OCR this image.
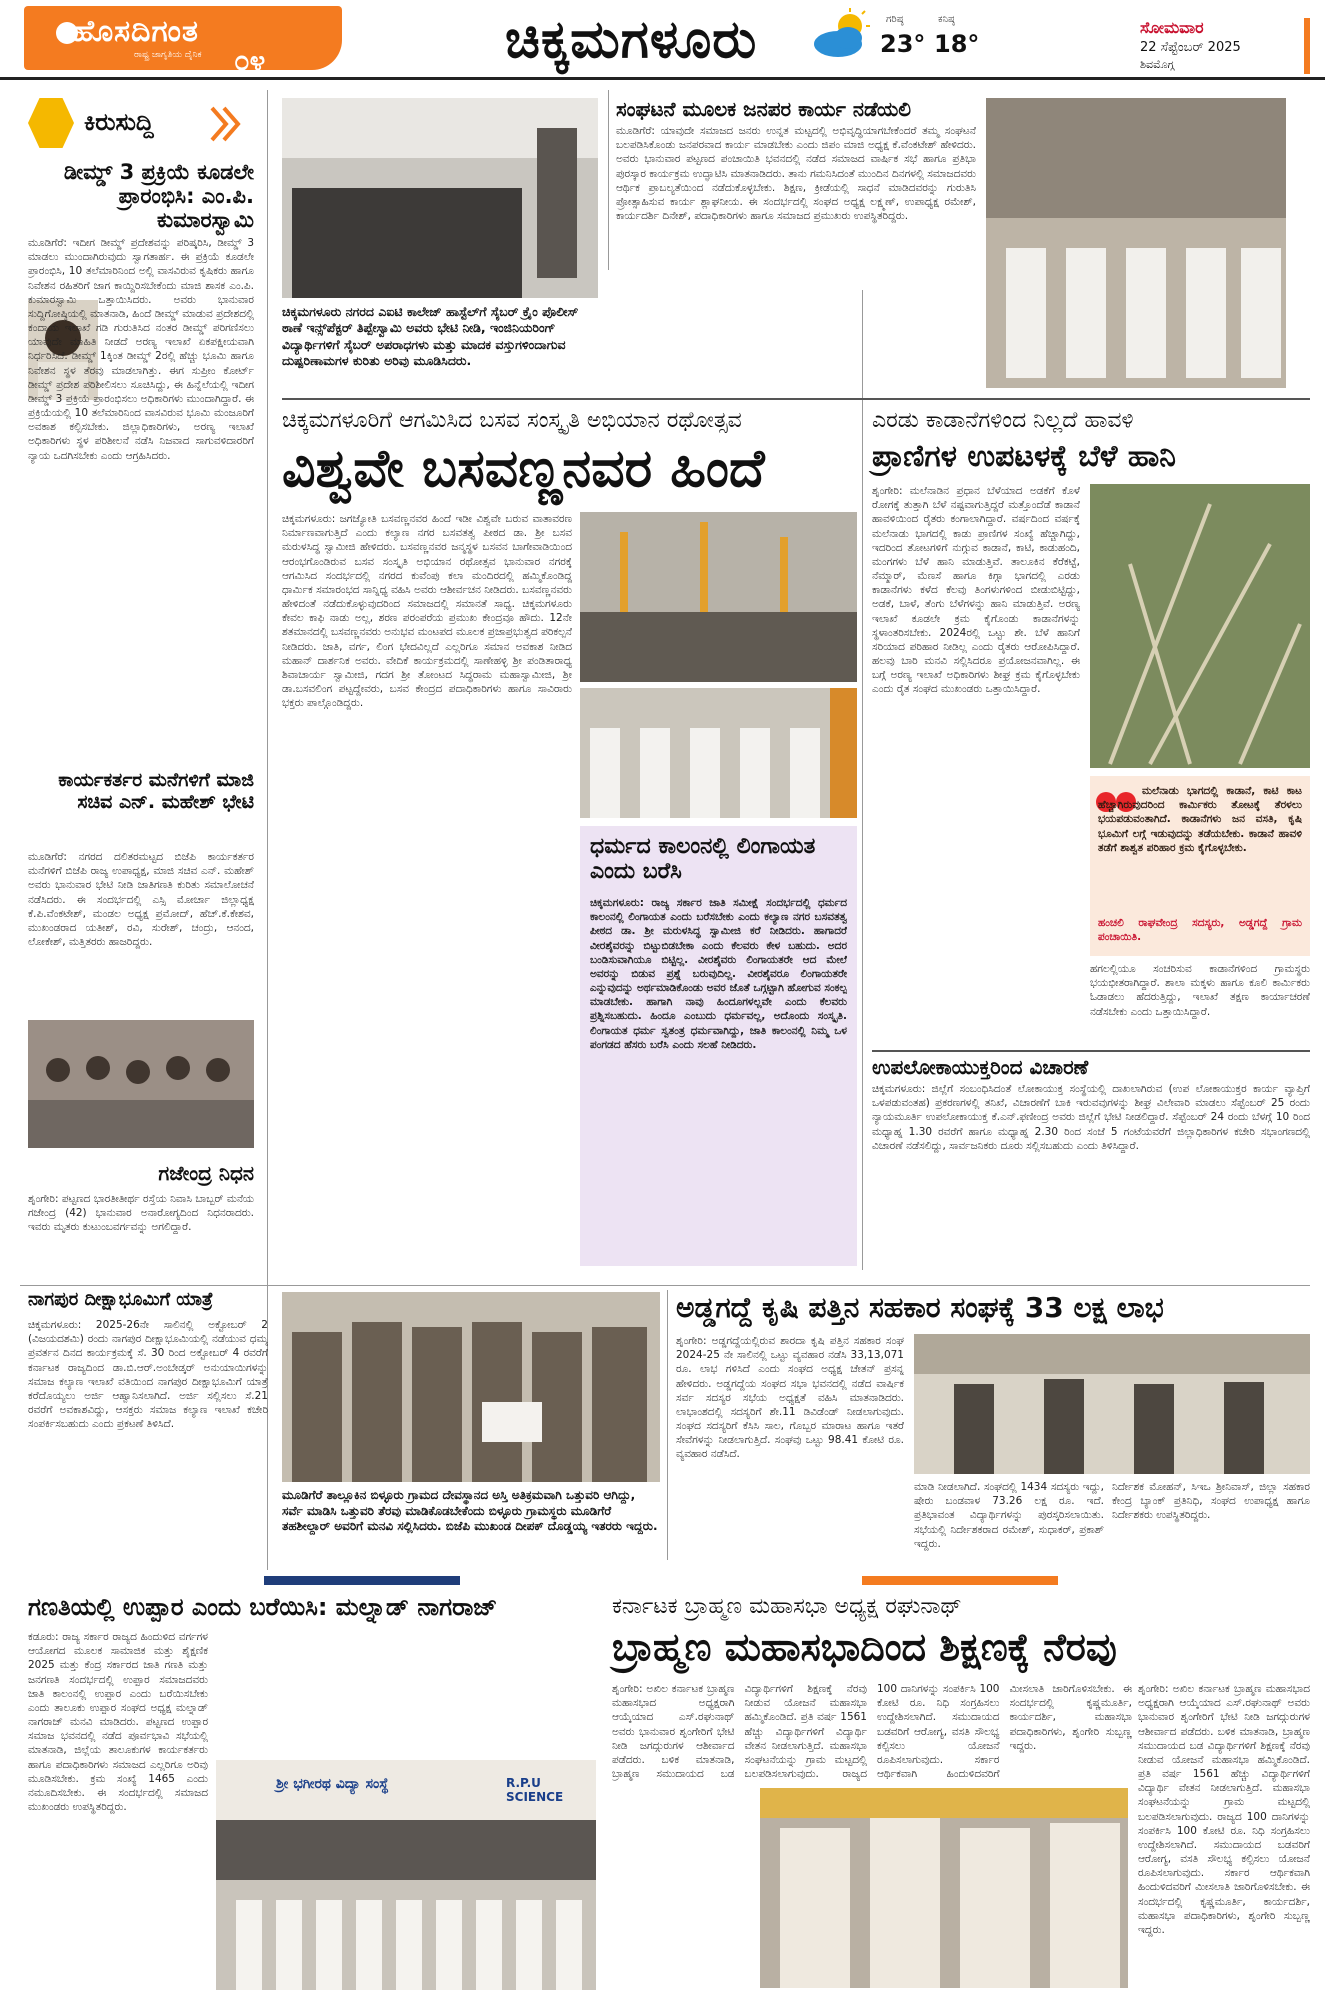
ಹೊಸದಿಗಂತ
ರಾಷ್ಟ್ರ ಜಾಗೃತಿಯ ದೈನಿಕ ೦೪	ಚಿಕ್ಕಮಗಳೂರು	ಗರಿಷ್ಠ
23°
ಕನಿಷ್ಠ
18°
ಸೋಮವಾರ
22 ಸೆಪ್ಟೆಂಬರ್ 2025
ಶಿವಮೊಗ್ಗ
ಕಿರುಸುದ್ದಿ
ಡೀಮ್ಡ್ 3 ಪ್ರಕ್ರಿಯೆ ಕೂಡಲೇ ಪ್ರಾರಂಭಿಸಿ: ಎಂ.ಪಿ. ಕುಮಾರಸ್ವಾಮಿ
ಮೂಡಿಗೆರೆ: ಇದೀಗ ಡೀಮ್ಡ್ ಪ್ರದೇಶವನ್ನು ಪರಿಷ್ಕರಿಸಿ, ಡೀಮ್ಡ್ 3 ಮಾಡಲು ಮುಂದಾಗಿರುವುದು ಸ್ವಾಗತಾರ್ಹ. ಈ ಪ್ರಕ್ರಿಯೆ ಕೂಡಲೇ ಪ್ರಾರಂಭಿಸಿ, 10 ತಲೆಮಾರಿನಿಂದ ಅಲ್ಲಿ ವಾಸವಿರುವ ಕೃಷಿಕರು ಹಾಗೂ ನಿವೇಶನ ರಹಿತರಿಗೆ ಜಾಗ ಕಾಯ್ದಿರಿಸಬೇಕೆಂದು ಮಾಜಿ ಶಾಸಕ ಎಂ.ಪಿ. ಕುಮಾರಸ್ವಾಮಿ ಒತ್ತಾಯಿಸಿದರು. ಅವರು ಭಾನುವಾರ ಸುದ್ದಿಗೋಷ್ಠಿಯಲ್ಲಿ ಮಾತನಾಡಿ, ಹಿಂದೆ ಡೀಮ್ಡ್ ಮಾಡುವ ಪ್ರದೇಶದಲ್ಲಿ ಕಂದಾಯ ಇಲಾಖೆ ಗಡಿ ಗುರುತಿಸಿದ ನಂತರ ಡೀಮ್ಡ್ ಪರಿಗಣಿಸಲು ಯಾವುದೇ ಮಾಹಿತಿ ನೀಡದೆ ಅರಣ್ಯ ಇಲಾಖೆ ಏಕಪಕ್ಷೀಯವಾಗಿ ನಿರ್ಧರಿಸಿದೆ. ಡೀಮ್ಡ್ 1ಕ್ಕಿಂತ ಡೀಮ್ಡ್ 2ರಲ್ಲಿ ಹೆಚ್ಚು ಭೂಮಿ ಹಾಗೂ ನಿವೇಶನ ಸ್ಥಳ ತೆರವು ಮಾಡಲಾಗಿತ್ತು. ಈಗ ಸುಪ್ರೀಂ ಕೋರ್ಟ್ ಡೀಮ್ಡ್ ಪ್ರದೇಶ ಪರಿಶೀಲಿಸಲು ಸೂಚಿಸಿದ್ದು, ಈ ಹಿನ್ನೆಲೆಯಲ್ಲಿ ಇದೀಗ ಡೀಮ್ಡ್ 3 ಪ್ರಕ್ರಿಯೆ ಪ್ರಾರಂಭಿಸಲು ಅಧಿಕಾರಿಗಳು ಮುಂದಾಗಿದ್ದಾರೆ. ಈ ಪ್ರಕ್ರಿಯೆಯಲ್ಲಿ 10 ತಲೆಮಾರಿನಿಂದ ವಾಸವಿರುವ ಭೂಮಿ ಮಂಜೂರಿಗೆ ಅವಕಾಶ ಕಲ್ಪಿಸಬೇಕು. ಜಿಲ್ಲಾಧಿಕಾರಿಗಳು, ಅರಣ್ಯ ಇಲಾಖೆ ಅಧಿಕಾರಿಗಳು ಸ್ಥಳ ಪರಿಶೀಲನೆ ನಡೆಸಿ ನಿಜವಾದ ಸಾಗುವಳಿದಾರರಿಗೆ ನ್ಯಾಯ ಒದಗಿಸಬೇಕು ಎಂದು ಆಗ್ರಹಿಸಿದರು.
ಕಾರ್ಯಕರ್ತರ ಮನೆಗಳಿಗೆ ಮಾಜಿ ಸಚಿವ ಎನ್. ಮಹೇಶ್ ಭೇಟಿ
ಮೂಡಿಗೆರೆ: ನಗರದ ದಲಿತರಮಟ್ಟದ ಬಿಜೆಪಿ ಕಾರ್ಯಕರ್ತರ ಮನೆಗಳಿಗೆ ಬಿಜೆಪಿ ರಾಜ್ಯ ಉಪಾಧ್ಯಕ್ಷ, ಮಾಜಿ ಸಚಿವ ಎನ್. ಮಹೇಶ್ ಅವರು ಭಾನುವಾರ ಭೇಟಿ ನೀಡಿ ಜಾತಿಗಣತಿ ಕುರಿತು ಸಮಾಲೋಚನೆ ನಡೆಸಿದರು. ಈ ಸಂದರ್ಭದಲ್ಲಿ ಎಸ್ಸಿ ಮೋರ್ಚಾ ಜಿಲ್ಲಾಧ್ಯಕ್ಷ ಕೆ.ಪಿ.ವೆಂಕಟೇಶ್, ಮಂಡಲ ಅಧ್ಯಕ್ಷ ಪ್ರಮೋದ್, ಹೆಚ್.ಕೆ.ಕೇಶವ, ಮುಖಂಡರಾದ ಯತೀಶ್, ರವಿ, ಸುರೇಶ್, ಚಂದ್ರು, ಆನಂದ, ಲೋಕೇಶ್, ಮತ್ತಿತರರು ಹಾಜರಿದ್ದರು.
ಗಜೇಂದ್ರ ನಿಧನ
ಶೃಂಗೇರಿ: ಪಟ್ಟಣದ ಭಾರತೀತೀರ್ಥ ರಸ್ತೆಯ ನಿವಾಸಿ ಬಾಬ್ಬರ್ ಮನೆಯ ಗಜೇಂದ್ರ (42) ಭಾನುವಾರ ಅನಾರೋಗ್ಯದಿಂದ ನಿಧನರಾದರು. ಇವರು ಮೃತರು ಕುಟುಂಬವರ್ಗವನ್ನು ಅಗಲಿದ್ದಾರೆ.
ನಾಗಪುರ ದೀಕ್ಷಾಭೂಮಿಗೆ ಯಾತ್ರೆ
ಚಿಕ್ಕಮಗಳೂರು: 2025-26ನೇ ಸಾಲಿನಲ್ಲಿ ಅಕ್ಟೋಬರ್ 2 (ವಿಜಯದಶಮಿ) ರಂದು ನಾಗಪುರ ದೀಕ್ಷಾಭೂಮಿಯಲ್ಲಿ ನಡೆಯುವ ಧಮ್ಮ ಪ್ರವರ್ತನ ದಿನದ ಕಾರ್ಯಕ್ರಮಕ್ಕೆ ಸೆ. 30 ರಿಂದ ಅಕ್ಟೋಬರ್ 4 ರವರೆಗೆ ಕರ್ನಾಟಕ ರಾಜ್ಯದಿಂದ ಡಾ.ಬಿ.ಆರ್.ಅಂಬೇಡ್ಕರ್ ಅನುಯಾಯಿಗಳನ್ನು ಸಮಾಜ ಕಲ್ಯಾಣ ಇಲಾಖೆ ವತಿಯಿಂದ ನಾಗಪುರ ದೀಕ್ಷಾಭೂಮಿಗೆ ಯಾತ್ರೆ ಕರೆದೊಯ್ಯಲು ಅರ್ಜಿ ಆಹ್ವಾನಿಸಲಾಗಿದೆ. ಅರ್ಜಿ ಸಲ್ಲಿಸಲು ಸೆ.21 ರವರೆಗೆ ಅವಕಾಶವಿದ್ದು, ಆಸಕ್ತರು ಸಮಾಜ ಕಲ್ಯಾಣ ಇಲಾಖೆ ಕಚೇರಿ ಸಂಪರ್ಕಿಸಬಹುದು ಎಂದು ಪ್ರಕಟಣೆ ತಿಳಿಸಿದೆ.
ಚಿಕ್ಕಮಗಳೂರು ನಗರದ ಎಐಟಿ ಕಾಲೇಜ್ ಹಾಸ್ಟೆಲ್‌ಗೆ ಸೈಬರ್ ಕ್ರೈಂ ಪೊಲೀಸ್ ಠಾಣೆ ಇನ್ಸ್‌ಪೆಕ್ಟರ್ ತಿಪ್ಪೇಸ್ವಾಮಿ ಅವರು ಭೇಟಿ ನೀಡಿ, ಇಂಜಿನಿಯರಿಂಗ್ ವಿದ್ಯಾರ್ಥಿಗಳಿಗೆ ಸೈಬರ್ ಅಪರಾಧಗಳು ಮತ್ತು ಮಾದಕ ವಸ್ತುಗಳಿಂದಾಗುವ ದುಷ್ಪರಿಣಾಮಗಳ ಕುರಿತು ಅರಿವು ಮೂಡಿಸಿದರು.
ಸಂಘಟನೆ ಮೂಲಕ ಜನಪರ ಕಾರ್ಯ ನಡೆಯಲಿ
ಮೂಡಿಗೆರೆ: ಯಾವುದೇ ಸಮಾಜದ ಜನರು ಉನ್ನತ ಮಟ್ಟದಲ್ಲಿ ಅಭಿವೃದ್ಧಿಯಾಗಬೇಕೆಂದರೆ ತಮ್ಮ ಸಂಘಟನೆ ಬಲಪಡಿಸಿಕೊಂಡು ಜನಪರವಾದ ಕಾರ್ಯ ಮಾಡಬೇಕು ಎಂದು ಜಿಪಂ ಮಾಜಿ ಅಧ್ಯಕ್ಷ ಕೆ.ವೆಂಕಟೇಶ್ ಹೇಳಿದರು. ಅವರು ಭಾನುವಾರ ಪಟ್ಟಣದ ಪಂಚಾಯಿತಿ ಭವನದಲ್ಲಿ ನಡೆದ ಸಮಾಜದ ವಾರ್ಷಿಕ ಸಭೆ ಹಾಗೂ ಪ್ರತಿಭಾ ಪುರಸ್ಕಾರ ಕಾರ್ಯಕ್ರಮ ಉದ್ಘಾಟಿಸಿ ಮಾತನಾಡಿದರು. ತಾನು ಗಮನಿಸಿದಂತೆ ಮುಂದಿನ ದಿನಗಳಲ್ಲಿ ಸಮಾಜದವರು ಆರ್ಥಿಕ ಪ್ರಾಬಲ್ಯತೆಯಿಂದ ನಡೆದುಕೊಳ್ಳಬೇಕು. ಶಿಕ್ಷಣ, ಕ್ರೀಡೆಯಲ್ಲಿ ಸಾಧನೆ ಮಾಡಿದವರನ್ನು ಗುರುತಿಸಿ ಪ್ರೋತ್ಸಾಹಿಸುವ ಕಾರ್ಯ ಶ್ಲಾಘನೀಯ. ಈ ಸಂದರ್ಭದಲ್ಲಿ ಸಂಘದ ಅಧ್ಯಕ್ಷ ಲಕ್ಷ್ಮಣ್, ಉಪಾಧ್ಯಕ್ಷ ರಮೇಶ್, ಕಾರ್ಯದರ್ಶಿ ದಿನೇಶ್, ಪದಾಧಿಕಾರಿಗಳು ಹಾಗೂ ಸಮಾಜದ ಪ್ರಮುಖರು ಉಪಸ್ಥಿತರಿದ್ದರು.
ಚಿಕ್ಕಮಗಳೂರಿಗೆ ಆಗಮಿಸಿದ ಬಸವ ಸಂಸ್ಕೃತಿ ಅಭಿಯಾನ ರಥೋತ್ಸವ
ವಿಶ್ವವೇ ಬಸವಣ್ಣನವರ ಹಿಂದೆ
ಚಿಕ್ಕಮಗಳೂರು: ಜಗಜ್ಯೋತಿ ಬಸವಣ್ಣನವರ ಹಿಂದೆ ಇಡೀ ವಿಶ್ವವೇ ಬರುವ ವಾತಾವರಣ ನಿರ್ಮಾಣವಾಗುತ್ತಿದೆ ಎಂದು ಕಲ್ಯಾಣ ನಗರ ಬಸವತತ್ವ ಪೀಠದ ಡಾ. ಶ್ರೀ ಬಸವ ಮರುಳಸಿದ್ಧ ಸ್ವಾಮೀಜಿ ಹೇಳಿದರು. ಬಸವಣ್ಣನವರ ಜನ್ಮಸ್ಥಳ ಬಸವನ ಬಾಗೇವಾಡಿಯಿಂದ ಆರಂಭಗೊಂಡಿರುವ ಬಸವ ಸಂಸ್ಕೃತಿ ಅಭಿಯಾನ ರಥೋತ್ಸವ ಭಾನುವಾರ ನಗರಕ್ಕೆ ಆಗಮಿಸಿದ ಸಂದರ್ಭದಲ್ಲಿ ನಗರದ ಕುವೆಂಪು ಕಲಾ ಮಂದಿರದಲ್ಲಿ ಹಮ್ಮಿಕೊಂಡಿದ್ದ ಧಾರ್ಮಿಕ ಸಮಾರಂಭದ ಸಾನ್ನಿಧ್ಯ ವಹಿಸಿ ಅವರು ಆಶೀರ್ವಚನ ನೀಡಿದರು. ಬಸವಣ್ಣನವರು ಹೇಳಿದಂತೆ ನಡೆದುಕೊಳ್ಳುವುದರಿಂದ ಸಮಾಜದಲ್ಲಿ ಸಮಾನತೆ ಸಾಧ್ಯ. ಚಿಕ್ಕಮಗಳೂರು ಕೇವಲ ಕಾಫಿ ನಾಡು ಅಲ್ಲ, ಶರಣ ಪರಂಪರೆಯ ಪ್ರಮುಖ ಕೇಂದ್ರವೂ ಹೌದು. 12ನೇ ಶತಮಾನದಲ್ಲಿ ಬಸವಣ್ಣನವರು ಅನುಭವ ಮಂಟಪದ ಮೂಲಕ ಪ್ರಜಾಪ್ರಭುತ್ವದ ಪರಿಕಲ್ಪನೆ ನೀಡಿದರು. ಜಾತಿ, ವರ್ಗ, ಲಿಂಗ ಭೇದವಿಲ್ಲದೆ ಎಲ್ಲರಿಗೂ ಸಮಾನ ಅವಕಾಶ ನೀಡಿದ ಮಹಾನ್ ದಾರ್ಶನಿಕ ಅವರು. ವೇದಿಕೆ ಕಾರ್ಯಕ್ರಮದಲ್ಲಿ ಸಾಣೇಹಳ್ಳಿ ಶ್ರೀ ಪಂಡಿತಾರಾಧ್ಯ ಶಿವಾಚಾರ್ಯ ಸ್ವಾಮೀಜಿ, ಗದಗ ಶ್ರೀ ತೋಂಟದ ಸಿದ್ಧರಾಮ ಮಹಾಸ್ವಾಮೀಜಿ, ಶ್ರೀ ಡಾ.ಬಸವಲಿಂಗ ಪಟ್ಟದ್ದೇವರು, ಬಸವ ಕೇಂದ್ರದ ಪದಾಧಿಕಾರಿಗಳು ಹಾಗೂ ಸಾವಿರಾರು ಭಕ್ತರು ಪಾಲ್ಗೊಂಡಿದ್ದರು.
ಧರ್ಮದ ಕಾಲಂನಲ್ಲಿ ಲಿಂಗಾಯತ ಎಂದು ಬರೆಸಿ
ಚಿಕ್ಕಮಗಳೂರು: ರಾಜ್ಯ ಸರ್ಕಾರ ಜಾತಿ ಸಮೀಕ್ಷೆ ಸಂದರ್ಭದಲ್ಲಿ ಧರ್ಮದ ಕಾಲಂನಲ್ಲಿ ಲಿಂಗಾಯತ ಎಂದು ಬರೆಸಬೇಕು ಎಂದು ಕಲ್ಯಾಣ ನಗರ ಬಸವತತ್ವ ಪೀಠದ ಡಾ. ಶ್ರೀ ಮರುಳಸಿದ್ಧ ಸ್ವಾಮೀಜಿ ಕರೆ ನೀಡಿದರು. ಹಾಗಾದರೆ ವೀರಶೈವರನ್ನು ಬಿಟ್ಟುಬಿಡಬೇಕಾ ಎಂದು ಕೆಲವರು ಕೇಳ ಬಹುದು. ಅದರ ಬಂಡಿಸುವಾಗಿಯೂ ಬಿಟ್ಟಿಲ್ಲ. ವೀರಶೈವರು ಲಿಂಗಾಯತರೇ ಆದ ಮೇಲೆ ಅವರನ್ನು ಬಿಡುವ ಪ್ರಶ್ನೆ ಬರುವುದಿಲ್ಲ. ವೀರಶೈವರೂ ಲಿಂಗಾಯತರೇ ಎನ್ನುವುದನ್ನು ಅರ್ಥಮಾಡಿಕೊಂಡು ಅವರ ಜೊತೆ ಒಗ್ಗಟ್ಟಾಗಿ ಹೋಗುವ ಸಂಕಲ್ಪ ಮಾಡಬೇಕು. ಹಾಗಾಗಿ ನಾವು ಹಿಂದೂಗಳಲ್ಲವೇ ಎಂದು ಕೆಲವರು ಪ್ರಶ್ನಿಸಬಹುದು. ಹಿಂದೂ ಎಂಬುದು ಧರ್ಮವಲ್ಲ, ಅದೊಂದು ಸಂಸ್ಕೃತಿ. ಲಿಂಗಾಯತ ಧರ್ಮ ಸ್ವತಂತ್ರ ಧರ್ಮವಾಗಿದ್ದು, ಜಾತಿ ಕಾಲಂನಲ್ಲಿ ನಿಮ್ಮ ಒಳ ಪಂಗಡದ ಹೆಸರು ಬರೆಸಿ ಎಂದು ಸಲಹೆ ನೀಡಿದರು.
ಎರಡು ಕಾಡಾನೆಗಳಿಂದ ನಿಲ್ಲದೆ ಹಾವಳಿ
ಪ್ರಾಣಿಗಳ ಉಪಟಳಕ್ಕೆ ಬೆಳೆ ಹಾನಿ
ಶೃಂಗೇರಿ: ಮಲೆನಾಡಿನ ಪ್ರಧಾನ ಬೆಳೆಯಾದ ಅಡಕೆಗೆ ಕೊಳೆ ರೋಗಕ್ಕೆ ತುತ್ತಾಗಿ ಬೆಳೆ ನಷ್ಟವಾಗುತ್ತಿದ್ದರೆ ಮತ್ತೊಂದೆಡೆ ಕಾಡಾನೆ ಹಾವಳಿಯಿಂದ ರೈತರು ಕಂಗಾಲಾಗಿದ್ದಾರೆ. ವರ್ಷದಿಂದ ವರ್ಷಕ್ಕೆ ಮಲೆನಾಡು ಭಾಗದಲ್ಲಿ ಕಾಡು ಪ್ರಾಣಿಗಳ ಸಂಖ್ಯೆ ಹೆಚ್ಚಾಗಿದ್ದು, ಇದರಿಂದ ತೋಟಗಳಿಗೆ ನುಗ್ಗುವ ಕಾಡಾನೆ, ಕಾಟಿ, ಕಾಡುಹಂದಿ, ಮಂಗಗಳು ಬೆಳೆ ಹಾನಿ ಮಾಡುತ್ತಿವೆ. ತಾಲೂಕಿನ ಕೆರೆಕಟ್ಟೆ, ನೆಮ್ಮಾರ್, ಮೆಣಸೆ ಹಾಗೂ ಕಿಗ್ಗಾ ಭಾಗದಲ್ಲಿ ಎರಡು ಕಾಡಾನೆಗಳು ಕಳೆದ ಕೆಲವು ತಿಂಗಳುಗಳಿಂದ ಬೀಡುಬಿಟ್ಟಿದ್ದು, ಅಡಕೆ, ಬಾಳೆ, ತೆಂಗು ಬೆಳೆಗಳನ್ನು ಹಾನಿ ಮಾಡುತ್ತಿವೆ. ಅರಣ್ಯ ಇಲಾಖೆ ಕೂಡಲೇ ಕ್ರಮ ಕೈಗೊಂಡು ಕಾಡಾನೆಗಳನ್ನು ಸ್ಥಳಾಂತರಿಸಬೇಕು. 2024ರಲ್ಲಿ ಒಟ್ಟು ಶೇ. ಬೆಳೆ ಹಾನಿಗೆ ಸರಿಯಾದ ಪರಿಹಾರ ನೀಡಿಲ್ಲ ಎಂದು ರೈತರು ಆರೋಪಿಸಿದ್ದಾರೆ. ಹಲವು ಬಾರಿ ಮನವಿ ಸಲ್ಲಿಸಿದರೂ ಪ್ರಯೋಜನವಾಗಿಲ್ಲ. ಈ ಬಗ್ಗೆ ಅರಣ್ಯ ಇಲಾಖೆ ಅಧಿಕಾರಿಗಳು ಶೀಘ್ರ ಕ್ರಮ ಕೈಗೊಳ್ಳಬೇಕು ಎಂದು ರೈತ ಸಂಘದ ಮುಖಂಡರು ಒತ್ತಾಯಿಸಿದ್ದಾರೆ.
ಮಲೆನಾಡು ಭಾಗದಲ್ಲಿ ಕಾಡಾನೆ, ಕಾಟಿ ಕಾಟ ಹೆಚ್ಚಾಗಿರುವುದರಿಂದ ಕಾರ್ಮಿಕರು ತೋಟಕ್ಕೆ ತೆರಳಲು ಭಯಪಡುವಂತಾಗಿದೆ. ಕಾಡಾನೆಗಳು ಜನ ವಸತಿ, ಕೃಷಿ ಭೂಮಿಗೆ ಲಗ್ಗೆ ಇಡುವುದನ್ನು ತಡೆಯಬೇಕು. ಕಾಡಾನೆ ಹಾವಳಿ ತಡೆಗೆ ಶಾಶ್ವತ ಪರಿಹಾರ ಕ್ರಮ ಕೈಗೊಳ್ಳಬೇಕು.
ಹಂಚಲಿ ರಾಘವೇಂದ್ರ ಸದಸ್ಯರು, ಅಡ್ಡಗದ್ದೆ ಗ್ರಾಮ ಪಂಚಾಯಿತಿ.
ಹಗಲಲ್ಲಿಯೂ ಸಂಚರಿಸುವ ಕಾಡಾನೆಗಳಿಂದ ಗ್ರಾಮಸ್ಥರು ಭಯಭೀತರಾಗಿದ್ದಾರೆ. ಶಾಲಾ ಮಕ್ಕಳು ಹಾಗೂ ಕೂಲಿ ಕಾರ್ಮಿಕರು ಓಡಾಡಲು ಹೆದರುತ್ತಿದ್ದು, ಇಲಾಖೆ ತಕ್ಷಣ ಕಾರ್ಯಾಚರಣೆ ನಡೆಸಬೇಕು ಎಂದು ಒತ್ತಾಯಿಸಿದ್ದಾರೆ.
ಉಪಲೋಕಾಯುಕ್ತರಿಂದ ವಿಚಾರಣೆ
ಚಿಕ್ಕಮಗಳೂರು: ಜಿಲ್ಲೆಗೆ ಸಂಬಂಧಿಸಿದಂತೆ ಲೋಕಾಯುಕ್ತ ಸಂಸ್ಥೆಯಲ್ಲಿ ದಾಖಲಾಗಿರುವ (ಉಪ ಲೋಕಾಯುಕ್ತರ ಕಾರ್ಯ ವ್ಯಾಪ್ತಿಗೆ ಒಳಪಡುವಂತಹ) ಪ್ರಕರಣಗಳಲ್ಲಿ ತನಿಖೆ, ವಿಚಾರಣೆಗೆ ಬಾಕಿ ಇರುವವುಗಳನ್ನು ಶೀಘ್ರ ವಿಲೇವಾರಿ ಮಾಡಲು ಸೆಪ್ಟೆಂಬರ್ 25 ರಂದು ನ್ಯಾಯಮೂರ್ತಿ ಉಪಲೋಕಾಯುಕ್ತ ಕೆ.ಎನ್.ಫಣೀಂದ್ರ ಅವರು ಜಿಲ್ಲೆಗೆ ಭೇಟಿ ನೀಡಲಿದ್ದಾರೆ. ಸೆಪ್ಟೆಂಬರ್ 24 ರಂದು ಬೆಳಗ್ಗೆ 10 ರಿಂದ ಮಧ್ಯಾಹ್ನ 1.30 ರವರೆಗೆ ಹಾಗೂ ಮಧ್ಯಾಹ್ನ 2.30 ರಿಂದ ಸಂಜೆ 5 ಗಂಟೆಯವರೆಗೆ ಜಿಲ್ಲಾಧಿಕಾರಿಗಳ ಕಚೇರಿ ಸಭಾಂಗಣದಲ್ಲಿ ವಿಚಾರಣೆ ನಡೆಸಲಿದ್ದು, ಸಾರ್ವಜನಿಕರು ದೂರು ಸಲ್ಲಿಸಬಹುದು ಎಂದು ತಿಳಿಸಿದ್ದಾರೆ.
ಮೂಡಿಗೆರೆ ತಾಲ್ಲೂಕಿನ ಬಿಳ್ಳೂರು ಗ್ರಾಮದ ದೇವಸ್ಥಾನದ ಅಸ್ತಿ ಅತಿಕ್ರಮವಾಗಿ ಒತ್ತುವರಿ ಆಗಿದ್ದು, ಸರ್ವೆ ಮಾಡಿಸಿ ಒತ್ತುವರಿ ತೆರವು ಮಾಡಿಕೊಡಬೇಕೆಂದು ಬಿಳ್ಳೂರು ಗ್ರಾಮಸ್ಥರು ಮೂಡಿಗೆರೆ ತಹಶೀಲ್ದಾರ್ ಅವರಿಗೆ ಮನವಿ ಸಲ್ಲಿಸಿದರು. ಬಿಜೆಪಿ ಮುಖಂಡ ದೀಪಕ್ ದೊಡ್ಡಯ್ಯ ಇತರರು ಇದ್ದರು.
ಅಡ್ಡಗದ್ದೆ ಕೃಷಿ ಪತ್ತಿನ ಸಹಕಾರ ಸಂಘಕ್ಕೆ 33 ಲಕ್ಷ ಲಾಭ
ಶೃಂಗೇರಿ: ಅಡ್ಡಗದ್ದೆಯಲ್ಲಿರುವ ಶಾರದಾ ಕೃಷಿ ಪತ್ತಿನ ಸಹಕಾರ ಸಂಘ 2024-25 ನೇ ಸಾಲಿನಲ್ಲಿ ಒಟ್ಟು ವ್ಯವಹಾರ ನಡೆಸಿ 33,13,071 ರೂ. ಲಾಭ ಗಳಿಸಿದೆ ಎಂದು ಸಂಘದ ಅಧ್ಯಕ್ಷ ಚೇತನ್ ಪ್ರಸನ್ನ ಹೇಳಿದರು. ಅಡ್ಡಗದ್ದೆಯ ಸಂಘದ ಸಭಾ ಭವನದಲ್ಲಿ ನಡೆದ ವಾರ್ಷಿಕ ಸರ್ವ ಸದಸ್ಯರ ಸಭೆಯ ಅಧ್ಯಕ್ಷತೆ ವಹಿಸಿ ಮಾತನಾಡಿದರು. ಲಾಭಾಂಶದಲ್ಲಿ ಸದಸ್ಯರಿಗೆ ಶೇ.11 ಡಿವಿಡೆಂಡ್ ನೀಡಲಾಗುವುದು. ಸಂಘದ ಸದಸ್ಯರಿಗೆ ಕೆಸಿಸಿ ಸಾಲ, ಗೊಬ್ಬರ ಮಾರಾಟ ಹಾಗೂ ಇತರೆ ಸೇವೆಗಳನ್ನು ನೀಡಲಾಗುತ್ತಿದೆ. ಸಂಘವು ಒಟ್ಟು 98.41 ಕೋಟಿ ರೂ. ವ್ಯವಹಾರ ನಡೆಸಿದೆ.
ಮಾಡಿ ನೀಡಲಾಗಿದೆ. ಸಂಘದಲ್ಲಿ 1434 ಸದಸ್ಯರು ಇದ್ದು, ಷೇರು ಬಂಡವಾಳ 73.26 ಲಕ್ಷ ರೂ. ಇದೆ. ಪ್ರತಿಭಾವಂತ ವಿದ್ಯಾರ್ಥಿಗಳನ್ನು ಪುರಸ್ಕರಿಸಲಾಯಿತು. ಸಭೆಯಲ್ಲಿ ನಿರ್ದೇಶಕರಾದ ರಮೇಶ್, ಸುಧಾಕರ್, ಪ್ರಕಾಶ್ ಇದ್ದರು.
ನಿರ್ದೇಶಕ ಮೋಹನ್, ಸಿಇಒ ಶ್ರೀನಿವಾಸ್, ಜಿಲ್ಲಾ ಸಹಕಾರ ಕೇಂದ್ರ ಬ್ಯಾಂಕ್ ಪ್ರತಿನಿಧಿ, ಸಂಘದ ಉಪಾಧ್ಯಕ್ಷ ಹಾಗೂ ನಿರ್ದೇಶಕರು ಉಪಸ್ಥಿತರಿದ್ದರು.
ಗಣತಿಯಲ್ಲಿ ಉಪ್ಪಾರ ಎಂದು ಬರೆಯಿಸಿ: ಮಲ್ನಾಡ್ ನಾಗರಾಜ್
ಕಡೂರು: ರಾಜ್ಯ ಸರ್ಕಾರ ರಾಜ್ಯದ ಹಿಂದುಳಿದ ವರ್ಗಗಳ ಆಯೋಗದ ಮೂಲಕ ಸಾಮಾಜಿಕ ಮತ್ತು ಶೈಕ್ಷಣಿಕ 2025 ಮತ್ತು ಕೆಂದ್ರ ಸರ್ಕಾರದ ಜಾತಿ ಗಣತಿ ಮತ್ತು ಜನಗಣತಿ ಸಂದರ್ಭದಲ್ಲಿ ಉಪ್ಪಾರ ಸಮಾಜದವರು ಜಾತಿ ಕಾಲಂನಲ್ಲಿ ಉಪ್ಪಾರ ಎಂದು ಬರೆಯಿಸಬೇಕು ಎಂದು ತಾಲೂಕು ಉಪ್ಪಾರ ಸಂಘದ ಅಧ್ಯಕ್ಷ ಮಲ್ನಾಡ್ ನಾಗರಾಜ್ ಮನವಿ ಮಾಡಿದರು. ಪಟ್ಟಣದ ಉಪ್ಪಾರ ಸಮಾಜ ಭವನದಲ್ಲಿ ನಡೆದ ಪೂರ್ವಭಾವಿ ಸಭೆಯಲ್ಲಿ ಮಾತನಾಡಿ, ಜಿಲ್ಲೆಯ ತಾಲೂಕುಗಳ ಕಾರ್ಯಕರ್ತರು ಹಾಗೂ ಪದಾಧಿಕಾರಿಗಳು ಸಮಾಜದ ಎಲ್ಲರಿಗೂ ಅರಿವು ಮೂಡಿಸಬೇಕು. ಕ್ರಮ ಸಂಖ್ಯೆ 1465 ಎಂದು ನಮೂದಿಸಬೇಕು. ಈ ಸಂದರ್ಭದಲ್ಲಿ ಸಮಾಜದ ಮುಖಂಡರು ಉಪಸ್ಥಿತರಿದ್ದರು.
ಶ್ರೀ ಭಗೀರಥ ವಿದ್ಯಾ ಸಂಸ್ಥೆ	R.P.U SCIENCE
ಕರ್ನಾಟಕ ಬ್ರಾಹ್ಮಣ ಮಹಾಸಭಾ ಅಧ್ಯಕ್ಷ ರಘುನಾಥ್
ಬ್ರಾಹ್ಮಣ ಮಹಾಸಭಾದಿಂದ ಶಿಕ್ಷಣಕ್ಕೆ ನೆರವು
ಶೃಂಗೇರಿ: ಅಖಿಲ ಕರ್ನಾಟಕ ಬ್ರಾಹ್ಮಣ ಮಹಾಸಭಾದ ಅಧ್ಯಕ್ಷರಾಗಿ ಆಯ್ಕೆಯಾದ ಎಸ್.ರಘುನಾಥ್ ಅವರು ಭಾನುವಾರ ಶೃಂಗೇರಿಗೆ ಭೇಟಿ ನೀಡಿ ಜಗದ್ಗುರುಗಳ ಆಶೀರ್ವಾದ ಪಡೆದರು. ಬಳಿಕ ಮಾತನಾಡಿ, ಬ್ರಾಹ್ಮಣ ಸಮುದಾಯದ ಬಡ ವಿದ್ಯಾರ್ಥಿಗಳಿಗೆ ಶಿಕ್ಷಣಕ್ಕೆ ನೆರವು ನೀಡುವ ಯೋಜನೆ ಮಹಾಸಭಾ ಹಮ್ಮಿಕೊಂಡಿದೆ. ಪ್ರತಿ ವರ್ಷ 1561 ಹೆಚ್ಚು ವಿದ್ಯಾರ್ಥಿಗಳಿಗೆ ವಿದ್ಯಾರ್ಥಿ ವೇತನ ನೀಡಲಾಗುತ್ತಿದೆ. ಮಹಾಸಭಾ ಸಂಘಟನೆಯನ್ನು ಗ್ರಾಮ ಮಟ್ಟದಲ್ಲಿ ಬಲಪಡಿಸಲಾಗುವುದು. ರಾಜ್ಯದ 100 ದಾನಿಗಳನ್ನು ಸಂಪರ್ಕಿಸಿ 100 ಕೋಟಿ ರೂ. ನಿಧಿ ಸಂಗ್ರಹಿಸಲು ಉದ್ದೇಶಿಸಲಾಗಿದೆ. ಸಮುದಾಯದ ಬಡವರಿಗೆ ಆರೋಗ್ಯ, ವಸತಿ ಸೌಲಭ್ಯ ಕಲ್ಪಿಸಲು ಯೋಜನೆ ರೂಪಿಸಲಾಗುವುದು. ಸರ್ಕಾರ ಆರ್ಥಿಕವಾಗಿ ಹಿಂದುಳಿದವರಿಗೆ ಮೀಸಲಾತಿ ಜಾರಿಗೊಳಿಸಬೇಕು. ಈ ಸಂದರ್ಭದಲ್ಲಿ ಕೃಷ್ಣಮೂರ್ತಿ, ಕಾರ್ಯದರ್ಶಿ, ಮಹಾಸಭಾ ಪದಾಧಿಕಾರಿಗಳು, ಶೃಂಗೇರಿ ಸುಬ್ಬಣ್ಣ ಇದ್ದರು.
ಶೃಂಗೇರಿ: ಅಖಿಲ ಕರ್ನಾಟಕ ಬ್ರಾಹ್ಮಣ ಮಹಾಸಭಾದ ಅಧ್ಯಕ್ಷರಾಗಿ ಆಯ್ಕೆಯಾದ ಎಸ್.ರಘುನಾಥ್ ಅವರು ಭಾನುವಾರ ಶೃಂಗೇರಿಗೆ ಭೇಟಿ ನೀಡಿ ಜಗದ್ಗುರುಗಳ ಆಶೀರ್ವಾದ ಪಡೆದರು. ಬಳಿಕ ಮಾತನಾಡಿ, ಬ್ರಾಹ್ಮಣ ಸಮುದಾಯದ ಬಡ ವಿದ್ಯಾರ್ಥಿಗಳಿಗೆ ಶಿಕ್ಷಣಕ್ಕೆ ನೆರವು ನೀಡುವ ಯೋಜನೆ ಮಹಾಸಭಾ ಹಮ್ಮಿಕೊಂಡಿದೆ. ಪ್ರತಿ ವರ್ಷ 1561 ಹೆಚ್ಚು ವಿದ್ಯಾರ್ಥಿಗಳಿಗೆ ವಿದ್ಯಾರ್ಥಿ ವೇತನ ನೀಡಲಾಗುತ್ತಿದೆ. ಮಹಾಸಭಾ ಸಂಘಟನೆಯನ್ನು ಗ್ರಾಮ ಮಟ್ಟದಲ್ಲಿ ಬಲಪಡಿಸಲಾಗುವುದು. ರಾಜ್ಯದ 100 ದಾನಿಗಳನ್ನು ಸಂಪರ್ಕಿಸಿ 100 ಕೋಟಿ ರೂ. ನಿಧಿ ಸಂಗ್ರಹಿಸಲು ಉದ್ದೇಶಿಸಲಾಗಿದೆ. ಸಮುದಾಯದ ಬಡವರಿಗೆ ಆರೋಗ್ಯ, ವಸತಿ ಸೌಲಭ್ಯ ಕಲ್ಪಿಸಲು ಯೋಜನೆ ರೂಪಿಸಲಾಗುವುದು. ಸರ್ಕಾರ ಆರ್ಥಿಕವಾಗಿ ಹಿಂದುಳಿದವರಿಗೆ ಮೀಸಲಾತಿ ಜಾರಿಗೊಳಿಸಬೇಕು. ಈ ಸಂದರ್ಭದಲ್ಲಿ ಕೃಷ್ಣಮೂರ್ತಿ, ಕಾರ್ಯದರ್ಶಿ, ಮಹಾಸಭಾ ಪದಾಧಿಕಾರಿಗಳು, ಶೃಂಗೇರಿ ಸುಬ್ಬಣ್ಣ ಇದ್ದರು.
